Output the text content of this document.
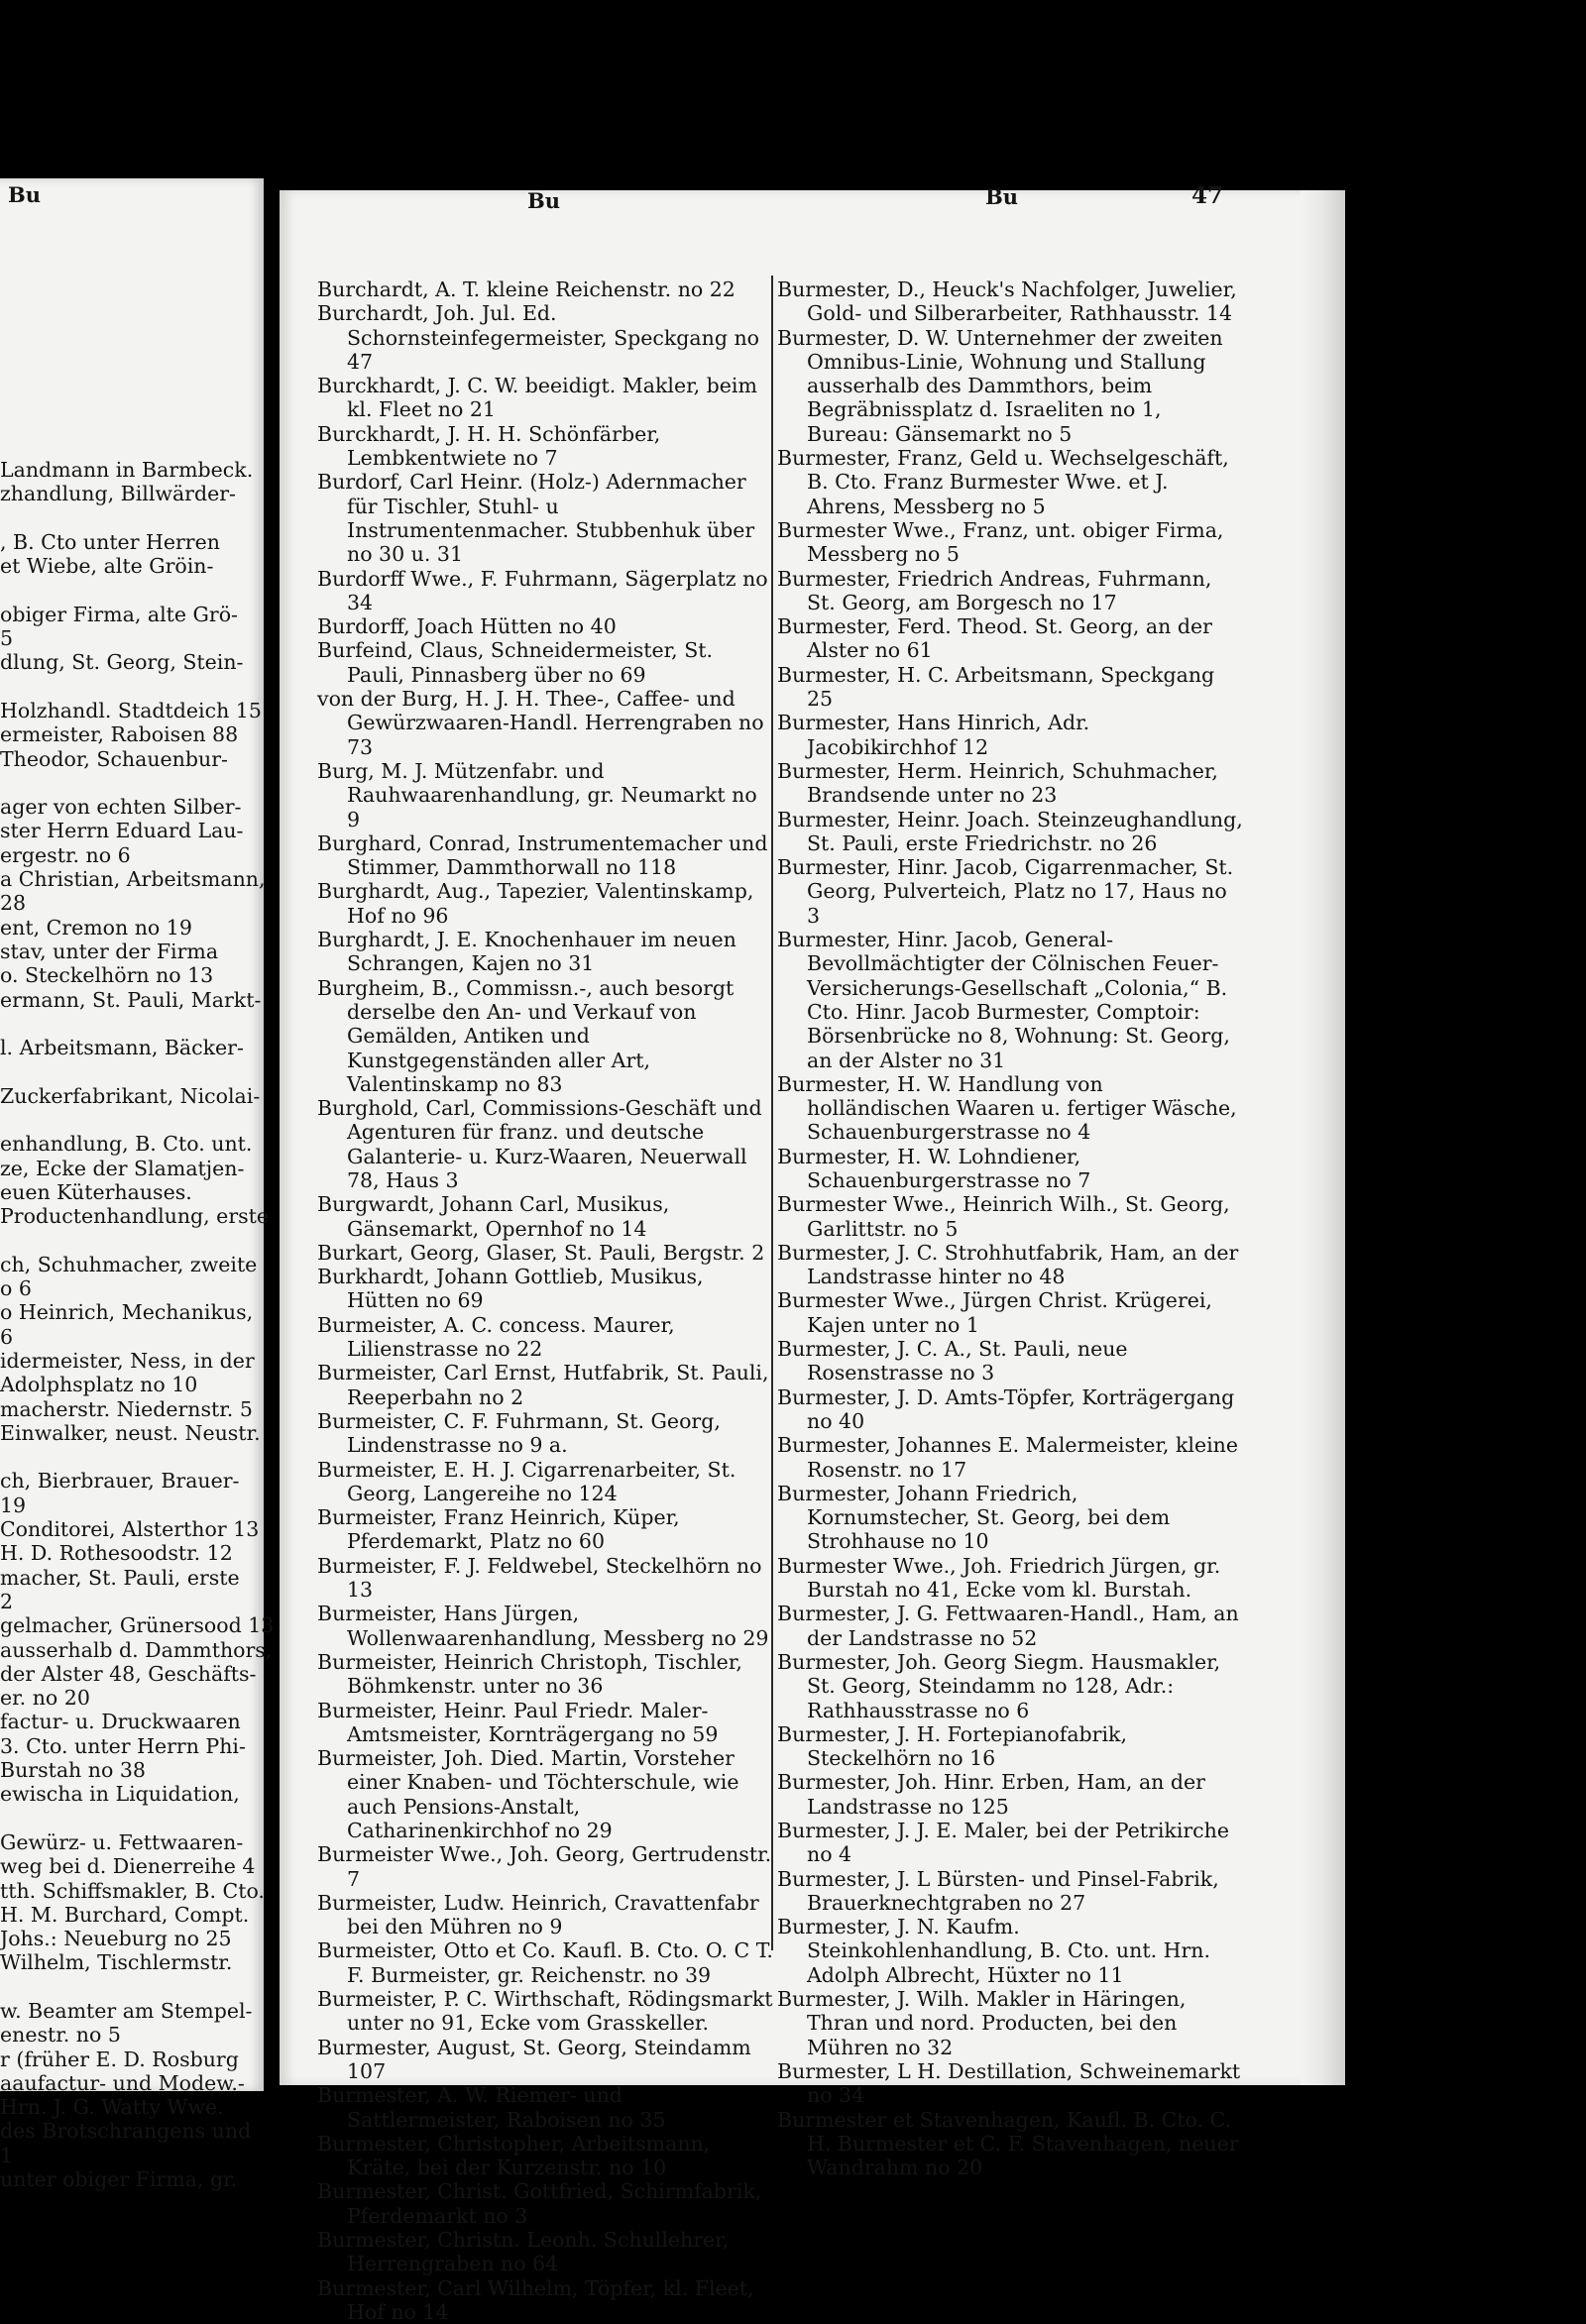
Bu
Landmann in Barmbeck.
zhandlung, Billwärder-

, B. Cto unter Herren
et Wiebe, alte Gröin-

obiger Firma, alte Grö-
5
dlung, St. Georg, Stein-

Holzhandl. Stadtdeich 15
ermeister, Raboisen 88
Theodor, Schauenbur-

ager von echten Silber-
ster Herrn Eduard Lau-
ergestr. no 6
a Christian, Arbeitsmann,
28
ent, Cremon no 19
stav, unter der Firma
o. Steckelhörn no 13
ermann, St. Pauli, Markt-

l. Arbeitsmann, Bäcker-

Zuckerfabrikant, Nicolai-

enhandlung, B. Cto. unt.
ze, Ecke der Slamatjen-
euen Küterhauses.
Productenhandlung, erste

ch, Schuhmacher, zweite
o 6
o Heinrich, Mechanikus,
6
idermeister, Ness, in der
Adolphsplatz no 10
macherstr. Niedernstr. 5
Einwalker, neust. Neustr.

ch, Bierbrauer, Brauer-
19
Conditorei, Alsterthor 13
H. D. Rothesoodstr. 12
macher, St. Pauli, erste
2
gelmacher, Grünersood 13
ausserhalb d. Dammthors,
der Alster 48, Geschäfts-
er. no 20
factur- u. Druckwaaren
3. Cto. unter Herrn Phi-
Burstah no 38
ewischa in Liquidation,

Gewürz- u. Fettwaaren-
weg bei d. Dienerreihe 4
tth. Schiffsmakler, B. Cto.
H. M. Burchard, Compt.
Johs.: Neueburg no 25
Wilhelm, Tischlermstr.

w. Beamter am Stempel-
enestr. no 5
r (früher E. D. Rosburg
aaufactur- und Modew.-
Hrn. J. G. Watty Wwe.
des Brotschrangens und
1
unter obiger Firma, gr.
Bu	Bu	47
Burchardt, A. T. kleine Reichenstr. no 22
Burchardt, Joh. Jul. Ed. Schornsteinfegermeister, Speckgang no 47
Burckhardt, J. C. W. beeidigt. Makler, beim kl. Fleet no 21
Burckhardt, J. H. H. Schönfärber, Lembkentwiete no 7
Burdorf, Carl Heinr. (Holz-) Adernmacher für Tischler, Stuhl- u Instrumentenmacher. Stubbenhuk über no 30 u. 31
Burdorff Wwe., F. Fuhrmann, Sägerplatz no 34
Burdorff, Joach Hütten no 40
Burfeind, Claus, Schneidermeister, St. Pauli, Pinnasberg über no 69
von der Burg, H. J. H. Thee-, Caffee- und Gewürzwaaren-Handl. Herrengraben no 73
Burg, M. J. Mützenfabr. und Rauhwaarenhandlung, gr. Neumarkt no 9
Burghard, Conrad, Instrumentemacher und Stimmer, Dammthorwall no 118
Burghardt, Aug., Tapezier, Valentinskamp, Hof no 96
Burghardt, J. E. Knochenhauer im neuen Schrangen, Kajen no 31
Burgheim, B., Commissn.-, auch besorgt derselbe den An- und Verkauf von Gemälden, Antiken und Kunstgegenständen aller Art, Valentinskamp no 83
Burghold, Carl, Commissions-Geschäft und Agenturen für franz. und deutsche Galanterie- u. Kurz-Waaren, Neuerwall 78, Haus 3
Burgwardt, Johann Carl, Musikus, Gänsemarkt, Opernhof no 14
Burkart, Georg, Glaser, St. Pauli, Bergstr. 2
Burkhardt, Johann Gottlieb, Musikus, Hütten no 69
Burmeister, A. C. concess. Maurer, Lilienstrasse no 22
Burmeister, Carl Ernst, Hutfabrik, St. Pauli, Reeperbahn no 2
Burmeister, C. F. Fuhrmann, St. Georg, Lindenstrasse no 9 a.
Burmeister, E. H. J. Cigarrenarbeiter, St. Georg, Langereihe no 124
Burmeister, Franz Heinrich, Küper, Pferdemarkt, Platz no 60
Burmeister, F. J. Feldwebel, Steckelhörn no 13
Burmeister, Hans Jürgen, Wollenwaarenhandlung, Messberg no 29
Burmeister, Heinrich Christoph, Tischler, Böhmkenstr. unter no 36
Burmeister, Heinr. Paul Friedr. Maler-Amtsmeister, Kornträgergang no 59
Burmeister, Joh. Died. Martin, Vorsteher einer Knaben- und Töchterschule, wie auch Pensions-Anstalt, Catharinenkirchhof no 29
Burmeister Wwe., Joh. Georg, Gertrudenstr. 7
Burmeister, Ludw. Heinrich, Cravattenfabr bei den Mühren no 9
Burmeister, Otto et Co. Kaufl. B. Cto. O. C T. F. Burmeister, gr. Reichenstr. no 39
Burmeister, P. C. Wirthschaft, Rödingsmarkt unter no 91, Ecke vom Grasskeller.
Burmester, August, St. Georg, Steindamm 107
Burmester, A. W. Riemer- und Sattlermeister, Raboisen no 35
Burmester, Christopher, Arbeitsmann, Kräte, bei der Kurzenstr. no 10
Burmester, Christ. Gottfried, Schirmfabrik, Pferdemarkt no 3
Burmester, Christn. Leonh. Schullehrer, Herrengraben no 64
Burmester, Carl Wilhelm, Töpfer, kl. Fleet, Hof no 14
Burmester, D., Heuck's Nachfolger, Juwelier, Gold- und Silberarbeiter, Rathhausstr. 14
Burmester, D. W. Unternehmer der zweiten Omnibus-Linie, Wohnung und Stallung ausserhalb des Dammthors, beim Begräbnissplatz d. Israeliten no 1, Bureau: Gänsemarkt no 5
Burmester, Franz, Geld u. Wechselgeschäft, B. Cto. Franz Burmester Wwe. et J. Ahrens, Messberg no 5
Burmester Wwe., Franz, unt. obiger Firma, Messberg no 5
Burmester, Friedrich Andreas, Fuhrmann, St. Georg, am Borgesch no 17
Burmester, Ferd. Theod. St. Georg, an der Alster no 61
Burmester, H. C. Arbeitsmann, Speckgang 25
Burmester, Hans Hinrich, Adr. Jacobikirchhof 12
Burmester, Herm. Heinrich, Schuhmacher, Brandsende unter no 23
Burmester, Heinr. Joach. Steinzeughandlung, St. Pauli, erste Friedrichstr. no 26
Burmester, Hinr. Jacob, Cigarrenmacher, St. Georg, Pulverteich, Platz no 17, Haus no 3
Burmester, Hinr. Jacob, General-Bevollmächtigter der Cölnischen Feuer-Versicherungs-Gesellschaft „Colonia,“ B. Cto. Hinr. Jacob Burmester, Comptoir: Börsenbrücke no 8, Wohnung: St. Georg, an der Alster no 31
Burmester, H. W. Handlung von holländischen Waaren u. fertiger Wäsche, Schauenburgerstrasse no 4
Burmester, H. W. Lohndiener, Schauenburgerstrasse no 7
Burmester Wwe., Heinrich Wilh., St. Georg, Garlittstr. no 5
Burmester, J. C. Strohhutfabrik, Ham, an der Landstrasse hinter no 48
Burmester Wwe., Jürgen Christ. Krügerei, Kajen unter no 1
Burmester, J. C. A., St. Pauli, neue Rosenstrasse no 3
Burmester, J. D. Amts-Töpfer, Korträgergang no 40
Burmester, Johannes E. Malermeister, kleine Rosenstr. no 17
Burmester, Johann Friedrich, Kornumstecher, St. Georg, bei dem Strohhause no 10
Burmester Wwe., Joh. Friedrich Jürgen, gr. Burstah no 41, Ecke vom kl. Burstah.
Burmester, J. G. Fettwaaren-Handl., Ham, an der Landstrasse no 52
Burmester, Joh. Georg Siegm. Hausmakler, St. Georg, Steindamm no 128, Adr.: Rathhausstrasse no 6
Burmester, J. H. Fortepianofabrik, Steckelhörn no 16
Burmester, Joh. Hinr. Erben, Ham, an der Landstrasse no 125
Burmester, J. J. E. Maler, bei der Petrikirche no 4
Burmester, J. L Bürsten- und Pinsel-Fabrik, Brauerknechtgraben no 27
Burmester, J. N. Kaufm. Steinkohlenhandlung, B. Cto. unt. Hrn. Adolph Albrecht, Hüxter no 11
Burmester, J. Wilh. Makler in Häringen, Thran und nord. Producten, bei den Mühren no 32
Burmester, L H. Destillation, Schweinemarkt no 34
Burmester et Stavenhagen, Kaufl. B. Cto. C. H. Burmester et C. F. Stavenhagen, neuer Wandrahm no 20
